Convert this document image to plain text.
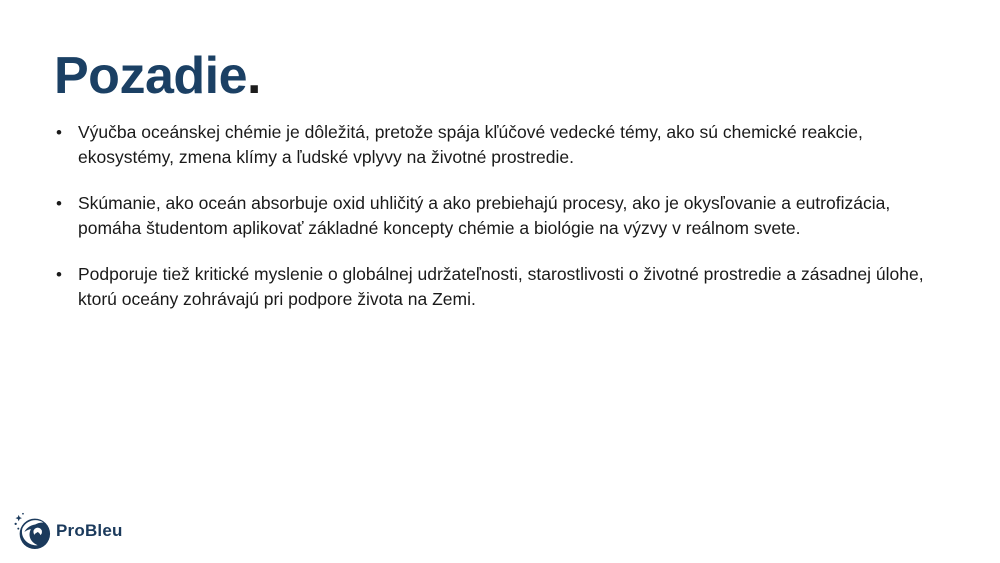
Pozadie.
• Výučba oceánskej chémie je dôležitá, pretože spája kľúčové vedecké témy, ako sú chemické reakcie, ekosystémy, zmena klímy a ľudské vplyvy na životné prostredie.
• Skúmanie, ako oceán absorbuje oxid uhličitý a ako prebiehajú procesy, ako je okysľovanie a eutrofizácia, pomáha študentom aplikovať základné koncepty chémie a biológie na výzvy v reálnom svete.
• Podporuje tiež kritické myslenie o globálnej udržateľnosti, starostlivosti o životné prostredie a zásadnej úlohe, ktorú oceány zohrávajú pri podpore života na Zemi.
ProBleu
